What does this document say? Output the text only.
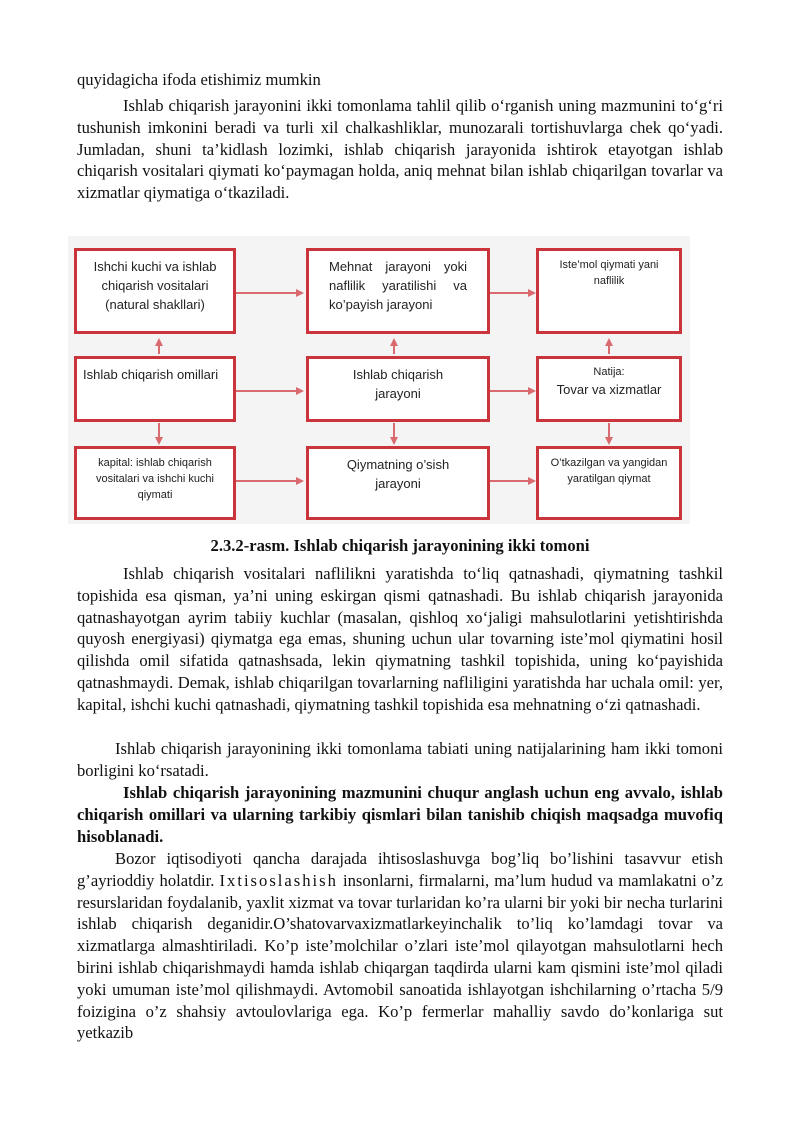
quyidagicha ifoda etishimiz mumkin

Ishlab chiqarish jarayonini ikki tomonlama tahlil qilib o‘rganish uning mazmunini to‘g‘ri tushunish imkonini beradi va turli xil chalkashliklar, munozarali tortishuvlarga chek qo‘yadi. Jumladan, shuni ta’kidlash lozimki, ishlab chiqarish jarayonida ishtirok etayotgan ishlab chiqarish vositalari qiymati ko‘paymagan holda, aniq mehnat bilan ishlab chiqarilgan tovarlar va xizmatlar qiymatiga o‘tkaziladi.

Ishchi kuchi va ishlab chiqarish vositalari (natural shakllari)
Mehnat jarayoni yoki naflilik yaratilishi va ko’payish jarayoni
Iste’mol qiymati yani naflilik
Ishlab chiqarish omillari	Ishlab chiqarish jarayoni
Natija:
Tovar va xizmatlar
kapital: ishlab chiqarish vositalari va ishchi kuchi qiymati
Qiymatning o’sish jarayoni
O’tkazilgan va yangidan yaratilgan qiymat
2.3.2-rasm. Ishlab chiqarish jarayonining ikki tomoni

Ishlab chiqarish vositalari naflilikni yaratishda to‘liq qatnashadi, qiymatning tashkil topishida esa qisman, ya’ni uning eskirgan qismi qatnashadi. Bu ishlab chiqarish jarayonida qatnashayotgan ayrim tabiiy kuchlar (masalan, qishloq xo‘jaligi mahsulotlarini yetishtirishda quyosh energiyasi) qiymatga ega emas, shuning uchun ular tovarning iste’mol qiymatini hosil qilishda omil sifatida qatnashsada, lekin qiymatning tashkil topishida, uning ko‘payishida qatnashmaydi. Demak, ishlab chiqarilgan tovarlarning nafliligini yaratishda har uchala omil: yer, kapital, ishchi kuchi qatnashadi, qiymatning tashkil topishida esa mehnatning o‘zi qatnashadi.

Ishlab chiqarish jarayonining ikki tomonlama tabiati uning natijalarining ham ikki tomoni borligini ko‘rsatadi.

Ishlab chiqarish jarayonining mazmunini chuqur anglash uchun eng avvalo, ishlab chiqarish omillari va ularning tarkibiy qismlari bilan tanishib chiqish maqsadga muvofiq hisoblanadi.

Bozor iqtisodiyoti qancha darajada ihtisoslashuvga bog’liq bo’lishini tasavvur etish g’ayrioddiy holatdir. Ixtisoslashish insonlarni, firmalarni, ma’lum hudud va mamlakatni o’z resurslaridan foydalanib, yaxlit xizmat va tovar turlaridan ko’ra ularni bir yoki bir necha turlarini ishlab chiqarish deganidir.O’shatovarvaxizmatlarkeyinchalik to’liq ko’lamdagi tovar va xizmatlarga almashtiriladi. Ko’p iste’molchilar o’zlari iste’mol qilayotgan mahsulotlarni hech birini ishlab chiqarishmaydi hamda ishlab chiqargan taqdirda ularni kam qismini iste’mol qiladi yoki umuman iste’mol qilishmaydi. Avtomobil sanoatida ishlayotgan ishchilarning o’rtacha 5/9 foizigina o’z shahsiy avtoulovlariga ega. Ko’p fermerlar mahalliy savdo do’konlariga sut yetkazib
